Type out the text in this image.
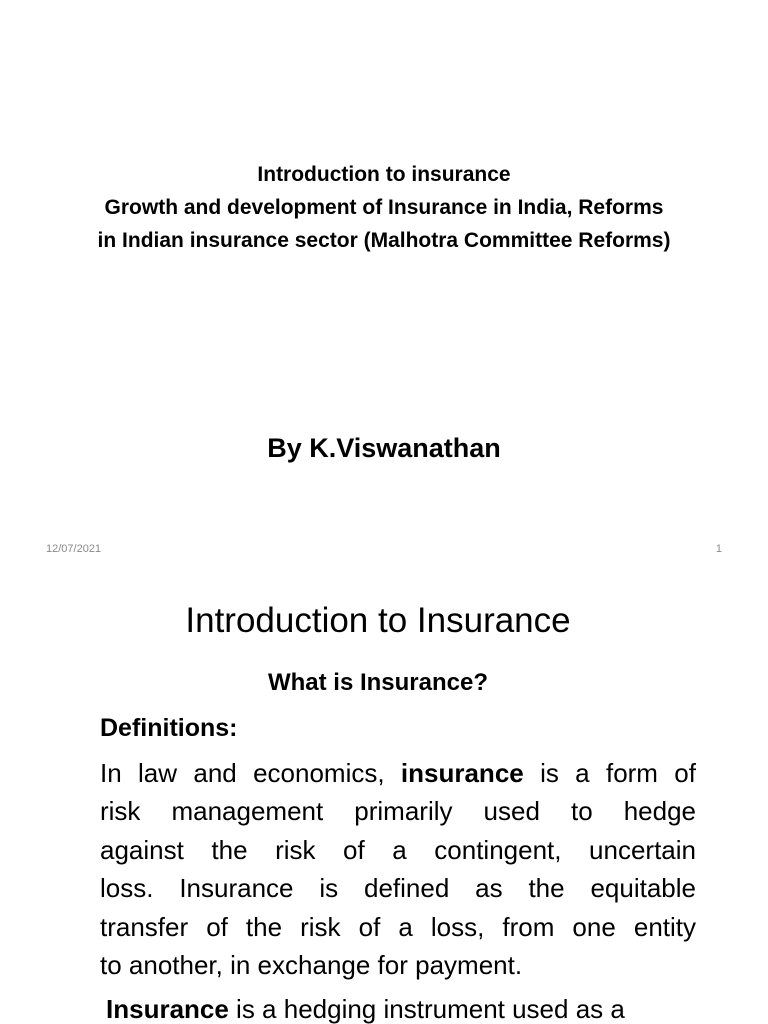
Introduction to insurance
Growth and development of Insurance in India, Reforms
in Indian insurance sector (Malhotra Committee Reforms)
By K.Viswanathan
12/07/2021	1
Introduction to Insurance
What is Insurance?
Definitions:
In law and economics, insurance is a form of
risk management primarily used to hedge
against the risk of a contingent, uncertain
loss. Insurance is defined as the equitable
transfer of the risk of a loss, from one entity
to another, in exchange for payment.
Insurance is a hedging instrument used as a
